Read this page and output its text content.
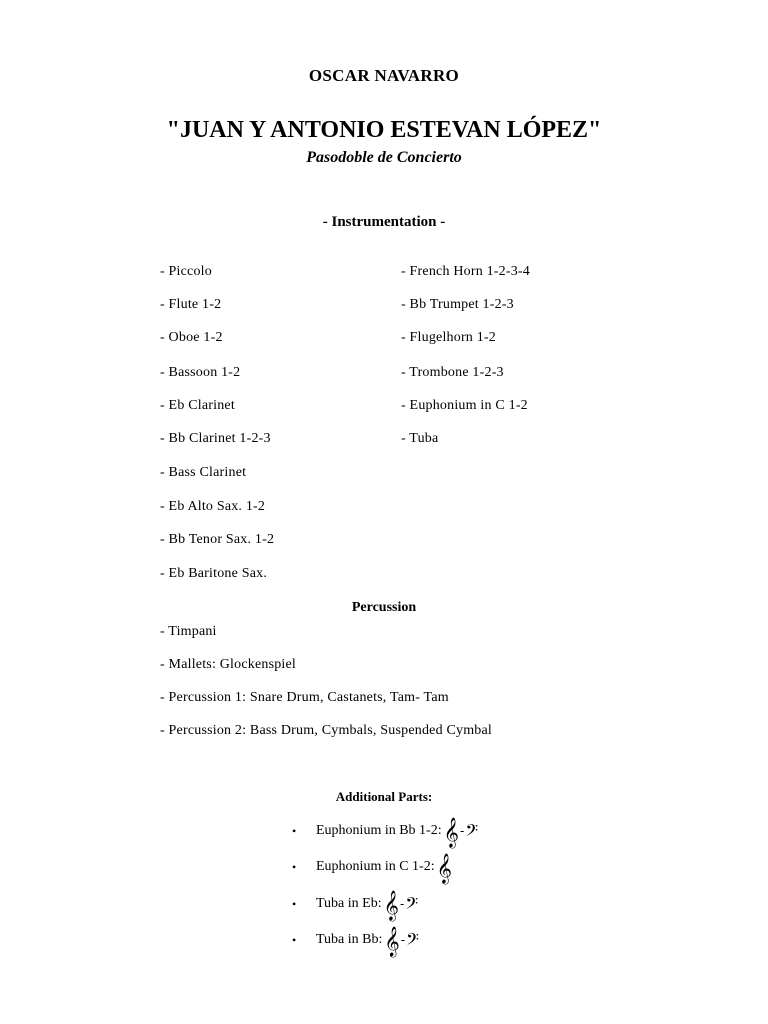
OSCAR NAVARRO

"JUAN Y ANTONIO ESTEVAN LÓPEZ"

Pasodoble de Concierto

- Instrumentation -

- Piccolo

- Flute 1-2

- Oboe 1-2

- Bassoon 1-2

- Eb Clarinet

- Bb Clarinet 1-2-3

- Bass Clarinet

- Eb Alto Sax. 1-2

- Bb Tenor Sax. 1-2

- Eb Baritone Sax.

- French Horn 1-2-3-4

- Bb Trumpet 1-2-3

- Flugelhorn 1-2

- Trombone 1-2-3

- Euphonium in C 1-2

- Tuba

Percussion

- Timpani

- Mallets: Glockenspiel

- Percussion 1: Snare Drum, Castanets, Tam- Tam

- Percussion 2: Bass Drum, Cymbals, Suspended Cymbal

Additional Parts:

•	Euphonium in Bb 1-2: 𝄞 - 𝄢
•	Euphonium in C 1-2: 𝄞
•	Tuba in Eb: 𝄞 - 𝄢
•	Tuba in Bb: 𝄞 - 𝄢
